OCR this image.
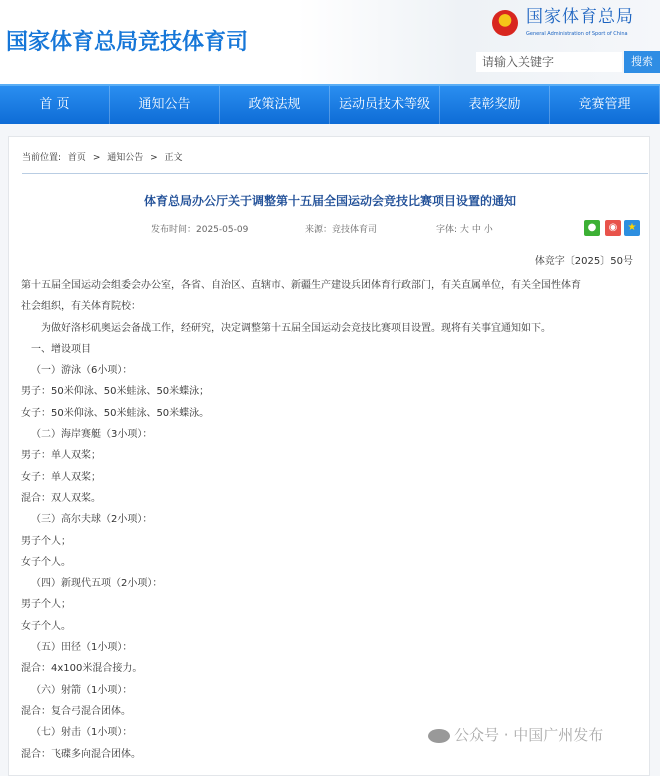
国家体育总局竞技体育司
国家体育总局
General Administration of Sport of China
请输入关键字	搜索
首 页	通知公告	政策法规	运动员技术等级	表彰奖励	竞赛管理
当前位置: 首页 > 通知公告 > 正文
体育总局办公厅关于调整第十五届全国运动会竞技比赛项目设置的通知
发布时间：2025-05-09	来源：竞技体育司	字体: 大 中 小	●	◉	★
体竞字〔2025〕50号
第十五届全国运动会组委会办公室，各省、自治区、直辖市、新疆生产建设兵团体育行政部门，有关直属单位，有关全国性体育
社会组织，有关体育院校：
为做好洛杉矶奥运会备战工作，经研究，决定调整第十五届全国运动会竞技比赛项目设置。现将有关事宜通知如下。
一、增设项目
（一）游泳（6小项）：
男子：50米仰泳、50米蛙泳、50米蝶泳；
女子：50米仰泳、50米蛙泳、50米蝶泳。
（二）海岸赛艇（3小项）：
男子：单人双桨；
女子：单人双桨；
混合：双人双桨。
（三）高尔夫球（2小项）：
男子个人；
女子个人。
（四）新现代五项（2小项）：
男子个人；
女子个人。
（五）田径（1小项）：
混合：4x100米混合接力。
（六）射箭（1小项）：
混合：复合弓混合团体。
（七）射击（1小项）：
混合：飞碟多向混合团体。
公众号 · 中国广州发布
